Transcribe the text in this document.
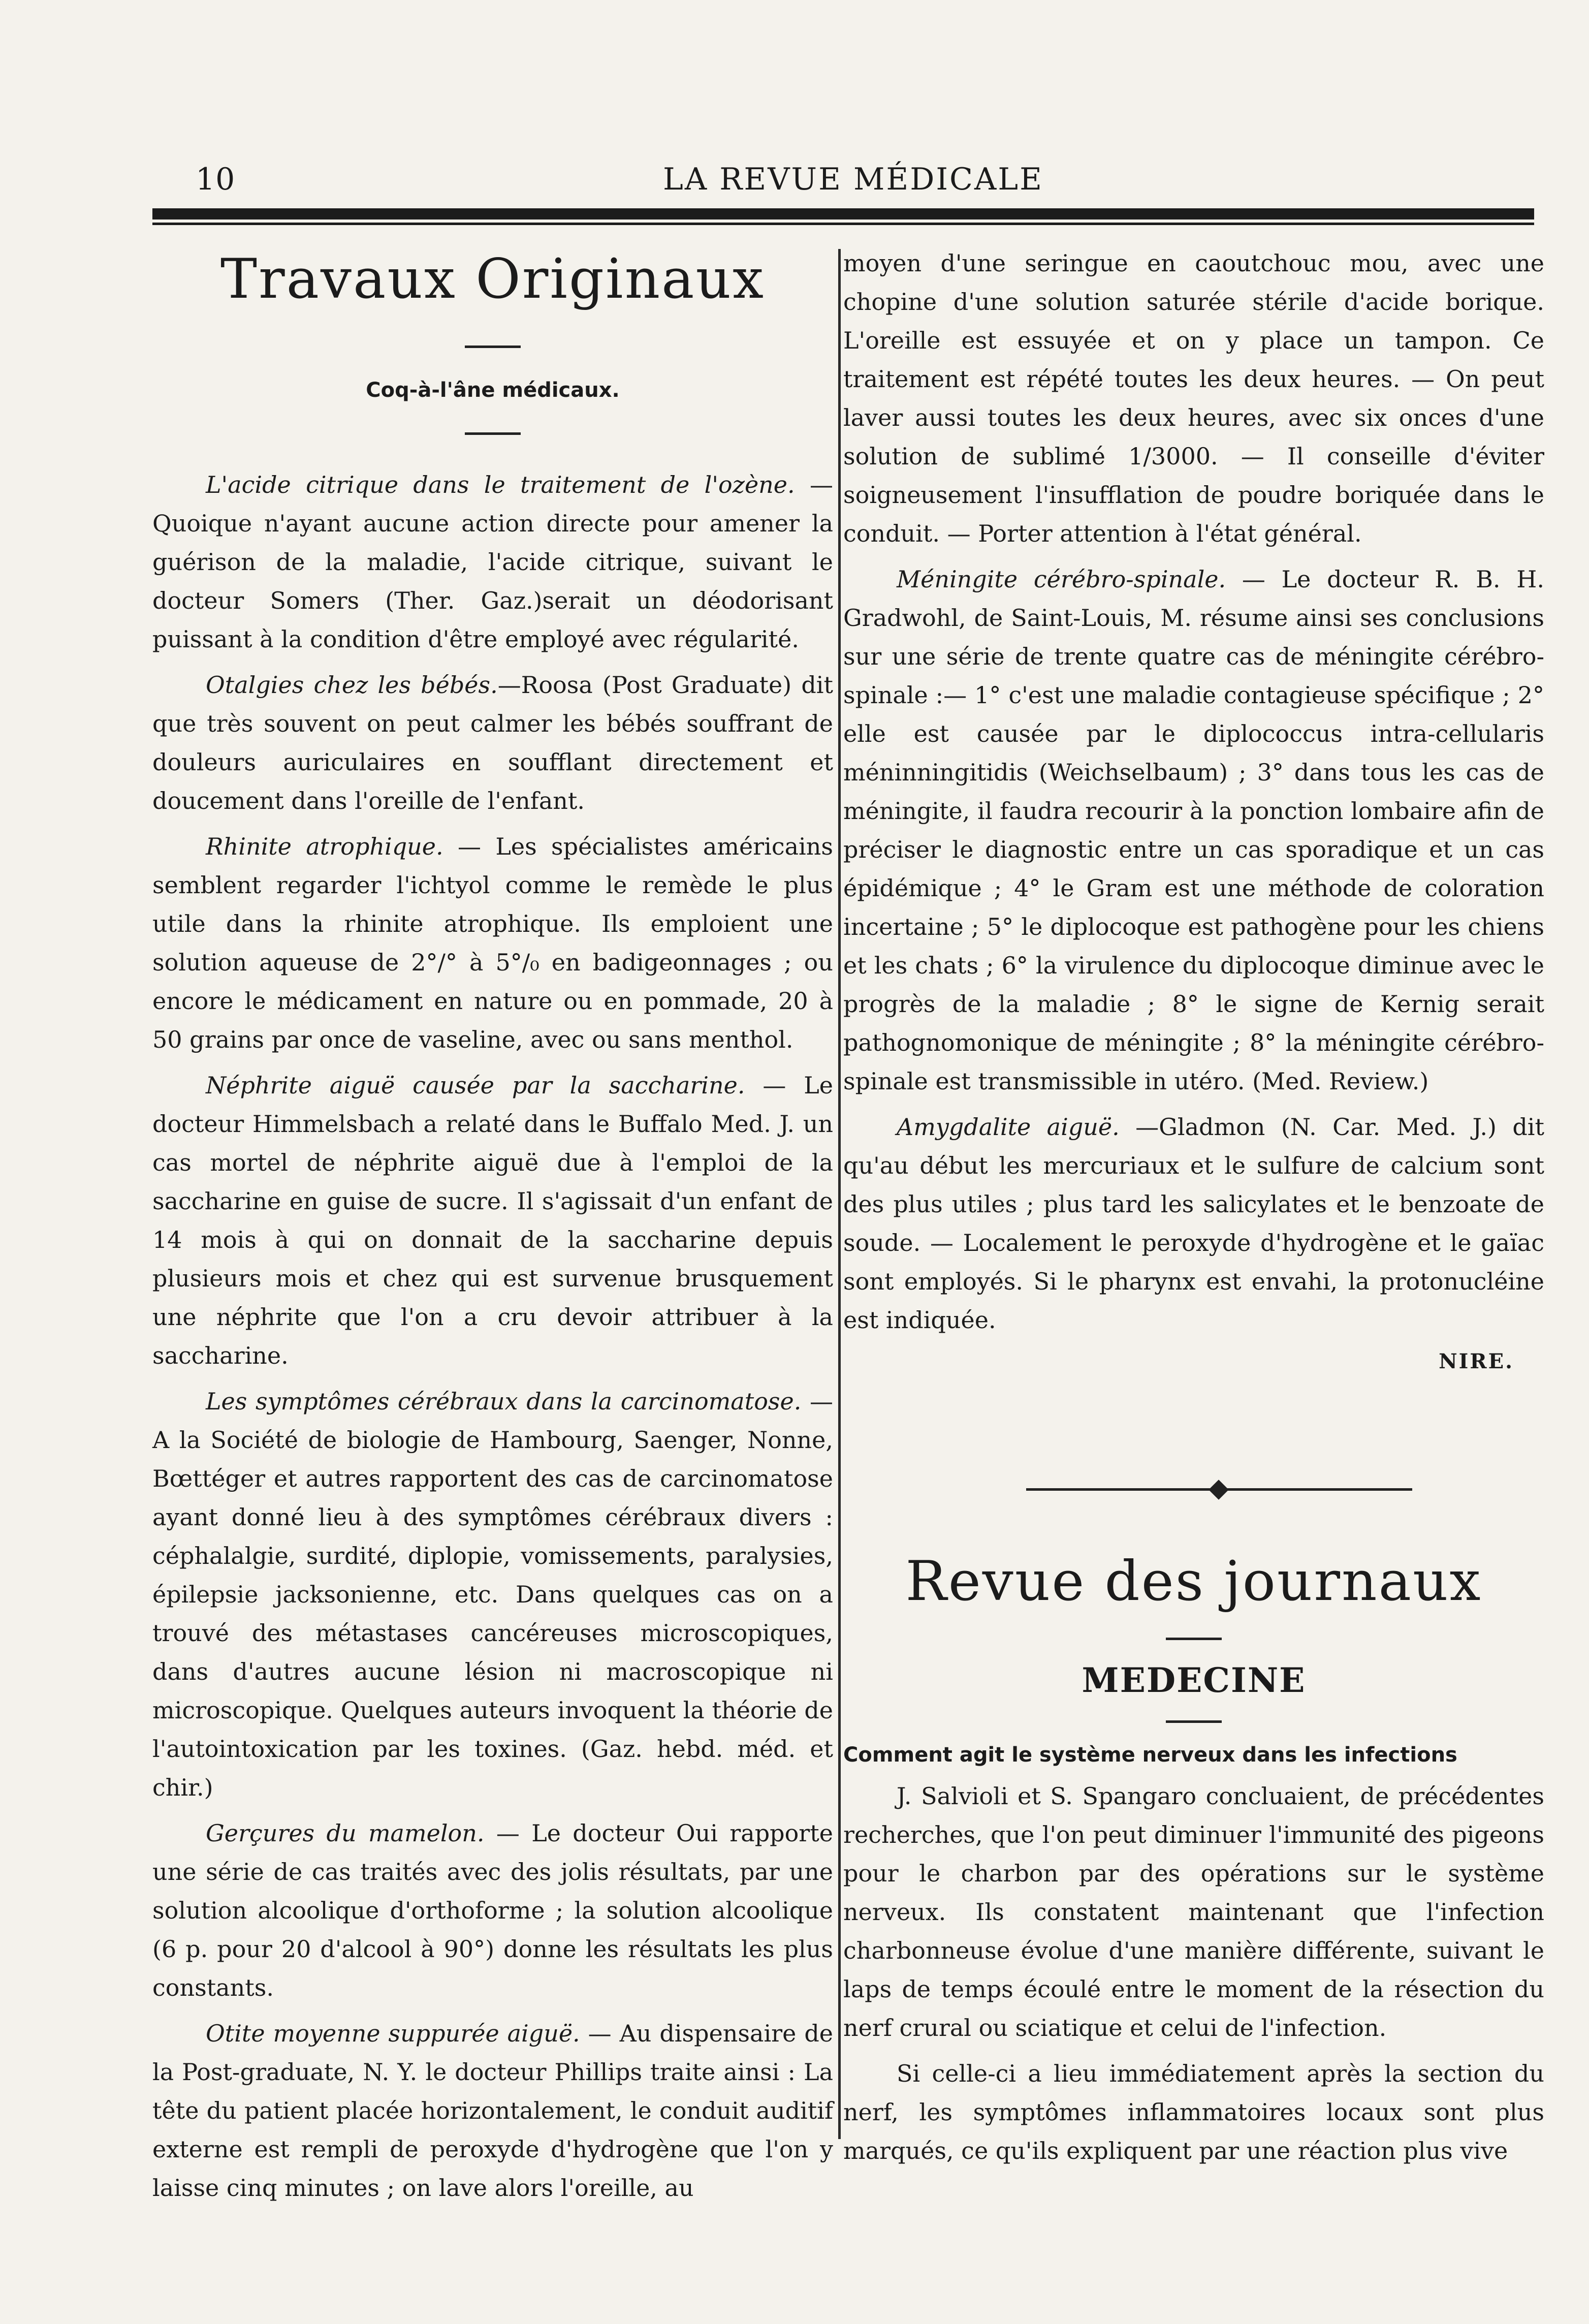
10	LA REVUE MÉDICALE
Travaux Originaux

Coq-à-l'âne médicaux.

L'acide citrique dans le traitement de l'ozène. — Quoique n'ayant aucune action directe pour amener la guérison de la maladie, l'acide citrique, suivant le docteur Somers (Ther. Gaz.)serait un déodorisant puissant à la condition d'être employé avec régularité.

Otalgies chez les bébés.—Roosa (Post Graduate) dit que très souvent on peut calmer les bébés souffrant de douleurs auriculaires en soufflant directement et doucement dans l'oreille de l'enfant.

Rhinite atrophique. — Les spécialistes américains semblent regarder l'ichtyol comme le remède le plus utile dans la rhinite atrophique. Ils emploient une solution aqueuse de 2°/° à 5°/₀ en badigeonnages ; ou encore le médicament en nature ou en pommade, 20 à 50 grains par once de vaseline, avec ou sans menthol.

Néphrite aiguë causée par la saccharine. — Le docteur Himmelsbach a relaté dans le Buffalo Med. J. un cas mortel de néphrite aiguë due à l'emploi de la saccharine en guise de sucre. Il s'agissait d'un enfant de 14 mois à qui on donnait de la saccharine depuis plusieurs mois et chez qui est survenue brusquement une néphrite que l'on a cru devoir attribuer à la saccharine.

Les symptômes cérébraux dans la carcinomatose. — A la Société de biologie de Hambourg, Saenger, Nonne, Bœttéger et autres rapportent des cas de carcinomatose ayant donné lieu à des symptômes cérébraux divers : céphalalgie, surdité, diplopie, vomissements, paralysies, épilepsie jacksonienne, etc. Dans quelques cas on a trouvé des métastases cancéreuses microscopiques, dans d'autres aucune lésion ni macroscopique ni microscopique. Quelques auteurs invoquent la théorie de l'autointoxication par les toxines. (Gaz. hebd. méd. et chir.)

Gerçures du mamelon. — Le docteur Oui rapporte une série de cas traités avec des jolis résultats, par une solution alcoolique d'orthoforme ; la solution alcoolique (6 p. pour 20 d'alcool à 90°) donne les résultats les plus constants.

Otite moyenne suppurée aiguë. — Au dispensaire de la Post-graduate, N. Y. le docteur Phillips traite ainsi : La tête du patient placée horizontalement, le conduit auditif externe est rempli de peroxyde d'hydrogène que l'on y laisse cinq minutes ; on lave alors l'oreille, au

moyen d'une seringue en caoutchouc mou, avec une chopine d'une solution saturée stérile d'acide borique. L'oreille est essuyée et on y place un tampon. Ce traitement est répété toutes les deux heures. — On peut laver aussi toutes les deux heures, avec six onces d'une solution de sublimé 1/3000. — Il conseille d'éviter soigneusement l'insufflation de poudre boriquée dans le conduit. — Porter attention à l'état général.

Méningite cérébro-spinale. — Le docteur R. B. H. Gradwohl, de Saint-Louis, M. résume ainsi ses conclusions sur une série de trente quatre cas de méningite cérébro-spinale :— 1° c'est une maladie contagieuse spécifique ; 2° elle est causée par le diplococcus intra-cellularis méninningitidis (Weichselbaum) ; 3° dans tous les cas de méningite, il faudra recourir à la ponction lombaire afin de préciser le diagnostic entre un cas sporadique et un cas épidémique ; 4° le Gram est une méthode de coloration incertaine ; 5° le diplocoque est pathogène pour les chiens et les chats ; 6° la virulence du diplocoque diminue avec le progrès de la maladie ; 8° le signe de Kernig serait pathognomonique de méningite ; 8° la méningite cérébro-spinale est transmissible in utéro. (Med. Review.)

Amygdalite aiguë. —Gladmon (N. Car. Med. J.) dit qu'au début les mercuriaux et le sulfure de calcium sont des plus utiles ; plus tard les salicylates et le benzoate de soude. — Localement le peroxyde d'hydrogène et le gaïac sont employés. Si le pharynx est envahi, la protonucléine est indiquée.

NIRE.

Revue des journaux

MEDECINE

Comment agit le système nerveux dans les infections

J. Salvioli et S. Spangaro concluaient, de précédentes recherches, que l'on peut diminuer l'immunité des pigeons pour le charbon par des opérations sur le système nerveux. Ils constatent maintenant que l'infection charbonneuse évolue d'une manière différente, suivant le laps de temps écoulé entre le moment de la résection du nerf crural ou sciatique et celui de l'infection.

Si celle-ci a lieu immédiatement après la section du nerf, les symptômes inflammatoires locaux sont plus marqués, ce qu'ils expliquent par une réaction plus vive
